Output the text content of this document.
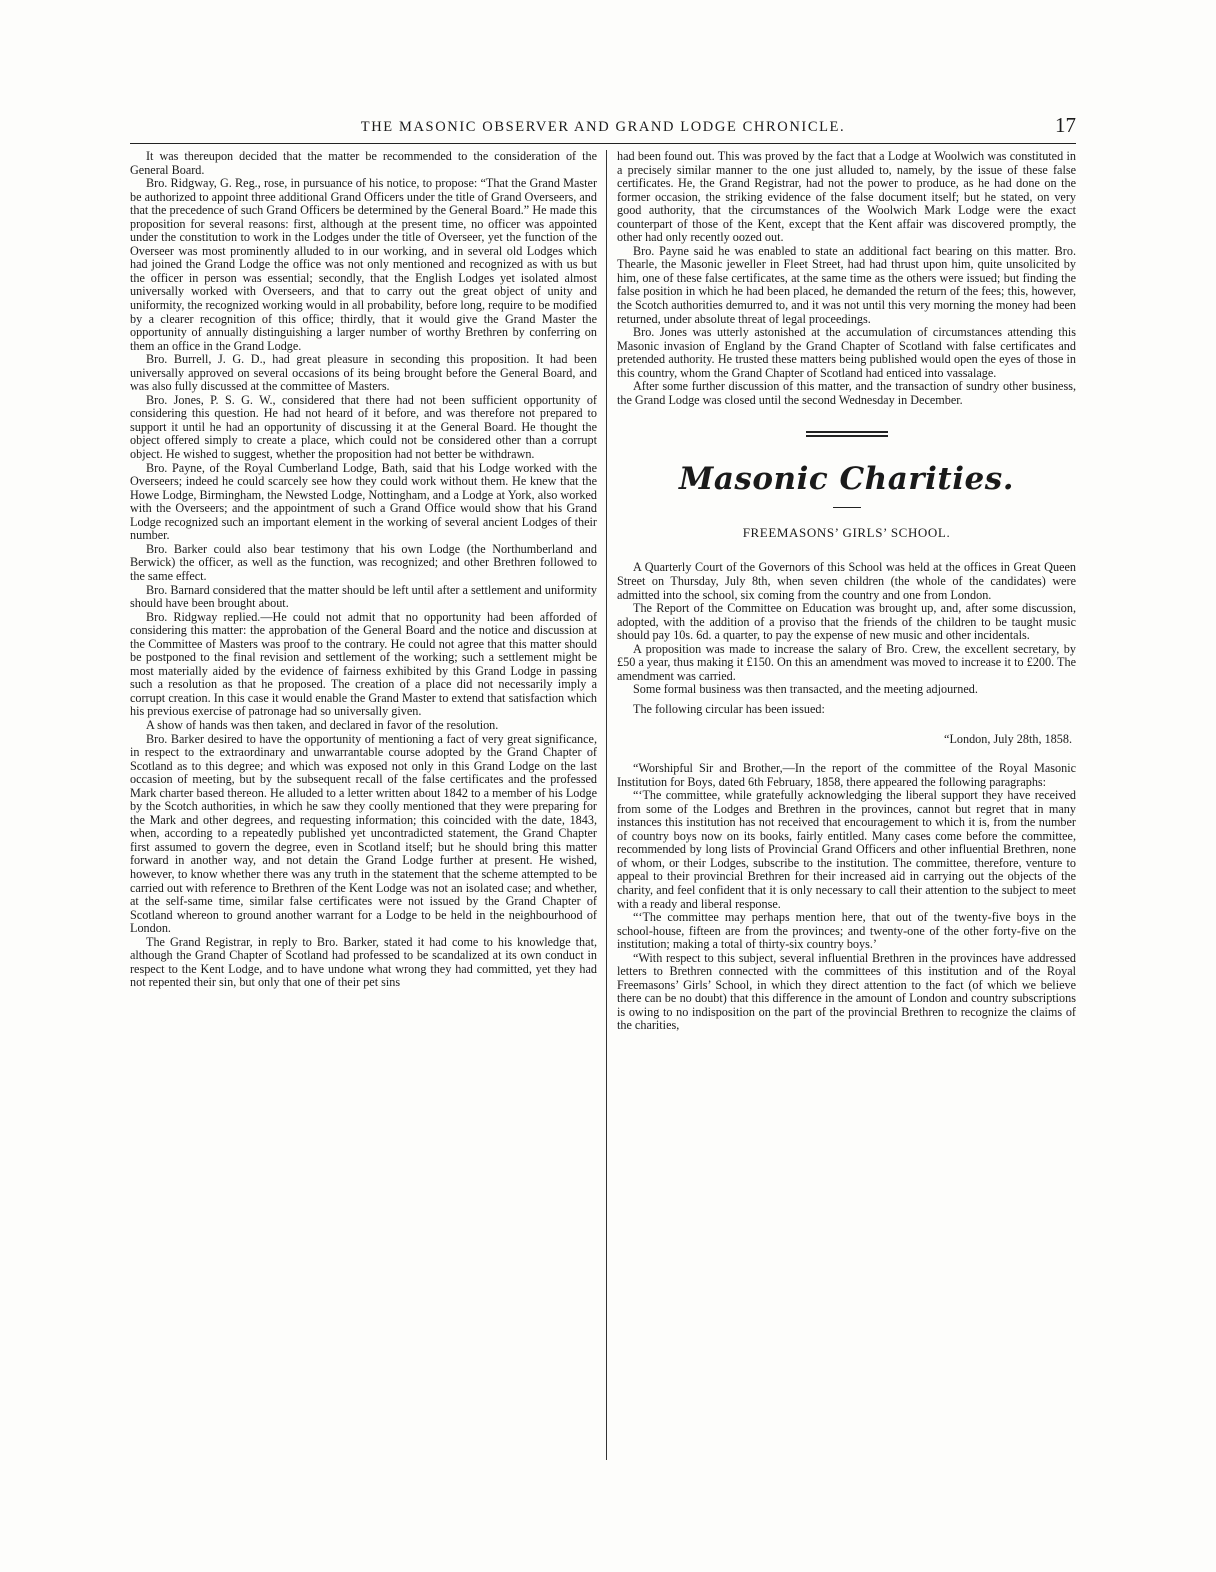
THE MASONIC OBSERVER AND GRAND LODGE CHRONICLE.	17

It was thereupon decided that the matter be recommended to the consideration of the General Board.

Bro. Ridgway, G. Reg., rose, in pursuance of his notice, to propose: “That the Grand Master be authorized to appoint three additional Grand Officers under the title of Grand Overseers, and that the precedence of such Grand Officers be determined by the General Board.” He made this proposition for several reasons: first, although at the present time, no officer was appointed under the constitution to work in the Lodges under the title of Overseer, yet the function of the Overseer was most prominently alluded to in our working, and in several old Lodges which had joined the Grand Lodge the office was not only mentioned and recognized as with us but the officer in person was essential; secondly, that the English Lodges yet isolated almost universally worked with Overseers, and that to carry out the great object of unity and uniformity, the recognized working would in all probability, before long, require to be modified by a clearer recognition of this office; thirdly, that it would give the Grand Master the opportunity of annually distinguishing a larger number of worthy Brethren by conferring on them an office in the Grand Lodge.

Bro. Burrell, J. G. D., had great pleasure in seconding this proposition. It had been universally approved on several occasions of its being brought before the General Board, and was also fully discussed at the committee of Masters.

Bro. Jones, P. S. G. W., considered that there had not been sufficient opportunity of considering this question. He had not heard of it before, and was therefore not prepared to support it until he had an opportunity of discussing it at the General Board. He thought the object offered simply to create a place, which could not be considered other than a corrupt object. He wished to suggest, whether the proposition had not better be withdrawn.

Bro. Payne, of the Royal Cumberland Lodge, Bath, said that his Lodge worked with the Overseers; indeed he could scarcely see how they could work without them. He knew that the Howe Lodge, Birmingham, the Newsted Lodge, Nottingham, and a Lodge at York, also worked with the Overseers; and the appointment of such a Grand Office would show that his Grand Lodge recognized such an important element in the working of several ancient Lodges of their number.

Bro. Barker could also bear testimony that his own Lodge (the Northumberland and Berwick) the officer, as well as the function, was recognized; and other Brethren followed to the same effect.

Bro. Barnard considered that the matter should be left until after a settlement and uniformity should have been brought about.

Bro. Ridgway replied.—He could not admit that no opportunity had been afforded of considering this matter: the approbation of the General Board and the notice and discussion at the Committee of Masters was proof to the contrary. He could not agree that this matter should be postponed to the final revision and settlement of the working; such a settlement might be most materially aided by the evidence of fairness exhibited by this Grand Lodge in passing such a resolution as that he proposed. The creation of a place did not necessarily imply a corrupt creation. In this case it would enable the Grand Master to extend that satisfaction which his previous exercise of patronage had so universally given.

A show of hands was then taken, and declared in favor of the resolution.

Bro. Barker desired to have the opportunity of mentioning a fact of very great significance, in respect to the extraordinary and unwarrantable course adopted by the Grand Chapter of Scotland as to this degree; and which was exposed not only in this Grand Lodge on the last occasion of meeting, but by the subsequent recall of the false certificates and the professed Mark charter based thereon. He alluded to a letter written about 1842 to a member of his Lodge by the Scotch authorities, in which he saw they coolly mentioned that they were preparing for the Mark and other degrees, and requesting information; this coincided with the date, 1843, when, according to a repeatedly published yet uncontradicted statement, the Grand Chapter first assumed to govern the degree, even in Scotland itself; but he should bring this matter forward in another way, and not detain the Grand Lodge further at present. He wished, however, to know whether there was any truth in the statement that the scheme attempted to be carried out with reference to Brethren of the Kent Lodge was not an isolated case; and whether, at the self-same time, similar false certificates were not issued by the Grand Chapter of Scotland whereon to ground another warrant for a Lodge to be held in the neighbourhood of London.

The Grand Registrar, in reply to Bro. Barker, stated it had come to his knowledge that, although the Grand Chapter of Scotland had professed to be scandalized at its own conduct in respect to the Kent Lodge, and to have undone what wrong they had committed, yet they had not repented their sin, but only that one of their pet sins

had been found out. This was proved by the fact that a Lodge at Woolwich was constituted in a precisely similar manner to the one just alluded to, namely, by the issue of these false certificates. He, the Grand Registrar, had not the power to produce, as he had done on the former occasion, the striking evidence of the false document itself; but he stated, on very good authority, that the circumstances of the Woolwich Mark Lodge were the exact counterpart of those of the Kent, except that the Kent affair was discovered promptly, the other had only recently oozed out.

Bro. Payne said he was enabled to state an additional fact bearing on this matter. Bro. Thearle, the Masonic jeweller in Fleet Street, had had thrust upon him, quite unsolicited by him, one of these false certificates, at the same time as the others were issued; but finding the false position in which he had been placed, he demanded the return of the fees; this, however, the Scotch authorities demurred to, and it was not until this very morning the money had been returned, under absolute threat of legal proceedings.

Bro. Jones was utterly astonished at the accumulation of circumstances attending this Masonic invasion of England by the Grand Chapter of Scotland with false certificates and pretended authority. He trusted these matters being published would open the eyes of those in this country, whom the Grand Chapter of Scotland had enticed into vassalage.

After some further discussion of this matter, and the transaction of sundry other business, the Grand Lodge was closed until the second Wednesday in December.

Masonic Charities.
FREEMASONS’ GIRLS’ SCHOOL.

A Quarterly Court of the Governors of this School was held at the offices in Great Queen Street on Thursday, July 8th, when seven children (the whole of the candidates) were admitted into the school, six coming from the country and one from London.

The Report of the Committee on Education was brought up, and, after some discussion, adopted, with the addition of a proviso that the friends of the children to be taught music should pay 10s. 6d. a quarter, to pay the expense of new music and other incidentals.

A proposition was made to increase the salary of Bro. Crew, the excellent secretary, by £50 a year, thus making it £150. On this an amendment was moved to increase it to £200. The amendment was carried.

Some formal business was then transacted, and the meeting adjourned.

The following circular has been issued:

“London, July 28th, 1858.

“Worshipful Sir and Brother,—In the report of the committee of the Royal Masonic Institution for Boys, dated 6th February, 1858, there appeared the following paragraphs:

“‘The committee, while gratefully acknowledging the liberal support they have received from some of the Lodges and Brethren in the provinces, cannot but regret that in many instances this institution has not received that encouragement to which it is, from the number of country boys now on its books, fairly entitled. Many cases come before the committee, recommended by long lists of Provincial Grand Officers and other influential Brethren, none of whom, or their Lodges, subscribe to the institution. The committee, therefore, venture to appeal to their provincial Brethren for their increased aid in carrying out the objects of the charity, and feel confident that it is only necessary to call their attention to the subject to meet with a ready and liberal response.

“‘The committee may perhaps mention here, that out of the twenty-five boys in the school-house, fifteen are from the provinces; and twenty-one of the other forty-five on the institution; making a total of thirty-six country boys.’

“With respect to this subject, several influential Brethren in the provinces have addressed letters to Brethren connected with the committees of this institution and of the Royal Freemasons’ Girls’ School, in which they direct attention to the fact (of which we believe there can be no doubt) that this difference in the amount of London and country subscriptions is owing to no indisposition on the part of the provincial Brethren to recognize the claims of the charities,
